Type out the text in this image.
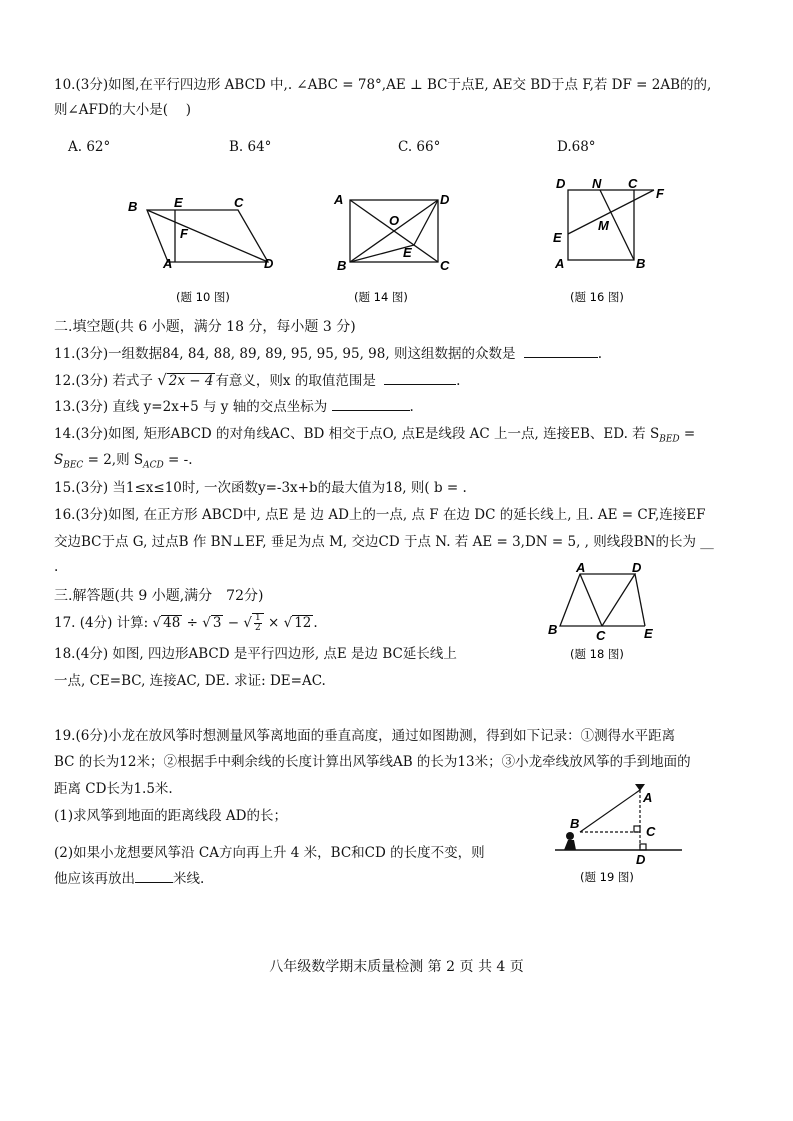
10.(3分)如图,在平行四边形 ABCD 中,. ∠ABC = 78°,AE ⊥ BC于点E, AE交 BD于点 F,若 DF = 2AB的的,
则∠AFD的大小是(　 )
A. 62°	B. 64°	C. 66°	D.68°
B	E	C
F
A	D
(题 10 图)
A	D
O
E
B	C
(题 14 图)
D N C
F
M
E
A	B
(题 16 图)
二.填空题(共 6 小题，满分 18 分，每小题 3 分)
11.(3分)一组数据84, 84, 88, 89, 89, 95, 95, 95, 98, 则这组数据的众数是	.
12.(3分) 若式子 √ 2x − 4 有意义，则x 的取值范围是	.
13.(3分) 直线 y=2x+5 与 y 轴的交点坐标为	.
14.(3分)如图, 矩形ABCD 的对角线AC、BD 相交于点O, 点E是线段 AC 上一点, 连接EB、ED. 若 $S_{BED}$ =
$S_{BEC} = 2$,则 $S_{ACD}$ = -.
15.(3分) 当1≤x≤10时, 一次函数y=-3x+b的最大值为18, 则( b = .
16.(3分)如图, 在正方形 ABCD中, 点E 是 边 AD上的一点, 点 F 在边 DC 的延长线上, 且. AE = CF,连接EF
交边BC于点 G, 过点B 作 BN⊥EF, 垂足为点 M, 交边CD 于点 N. 若 AE = 3,DN = 5, , 则线段BN的长为 __
.
三.解答题(共 9 小题,满分　72分)
17. (4分) 计算: √ 48 ÷ √ 3 − √ $\frac{1}{2}$ × √ 12 .
A	D
B	C	E
(题 18 图)
18.(4分) 如图, 四边形ABCD 是平行四边形, 点E 是边 BC延长线上
一点, CE=BC, 连接AC, DE. 求证: DE=AC.
19.(6分)小龙在放风筝时想测量风筝离地面的垂直高度，通过如图勘测，得到如下记录：①测得水平距离
BC 的长为12米；②根据手中剩余线的长度计算出风筝线AB 的长为13米；③小龙牵线放风筝的手到地面的
距离 CD长为1.5米.
(1)求风筝到地面的距离线段 AD的长；
(2)如果小龙想要风筝沿 CA方向再上升 4 米，BC和CD 的长度不变，则
他应该再放出	米线.
A
B
C
D
(题 19 图)
八年级数学期末质量检测 第 2 页 共 4 页
